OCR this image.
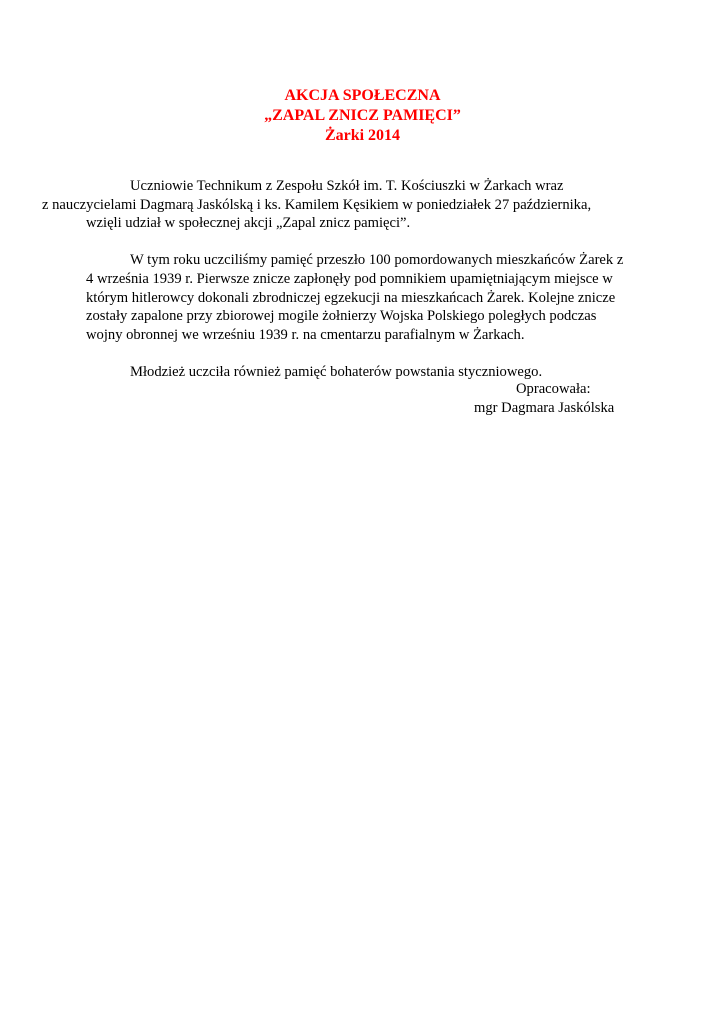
AKCJA SPOŁECZNA
„ZAPAL ZNICZ PAMIĘCI”
Żarki 2014

Uczniowie Technikum z Zespołu Szkół im. T. Kościuszki w Żarkach wraz
z nauczycielami Dagmarą Jaskólską i ks. Kamilem Kęsikiem w poniedziałek 27 października,
wzięli udział w społecznej akcji „Zapal znicz pamięci”.

W tym roku uczciliśmy pamięć przeszło 100 pomordowanych mieszkańców Żarek z
4 września 1939 r. Pierwsze znicze zapłonęły pod pomnikiem upamiętniającym miejsce w
którym hitlerowcy dokonali zbrodniczej egzekucji na mieszkańcach Żarek. Kolejne znicze
zostały zapalone przy zbiorowej mogile żołnierzy Wojska Polskiego poległych podczas
wojny obronnej we wrześniu 1939 r. na cmentarzu parafialnym w Żarkach.

Młodzież uczciła również pamięć bohaterów powstania styczniowego.

Opracowała:
mgr Dagmara Jaskólska
